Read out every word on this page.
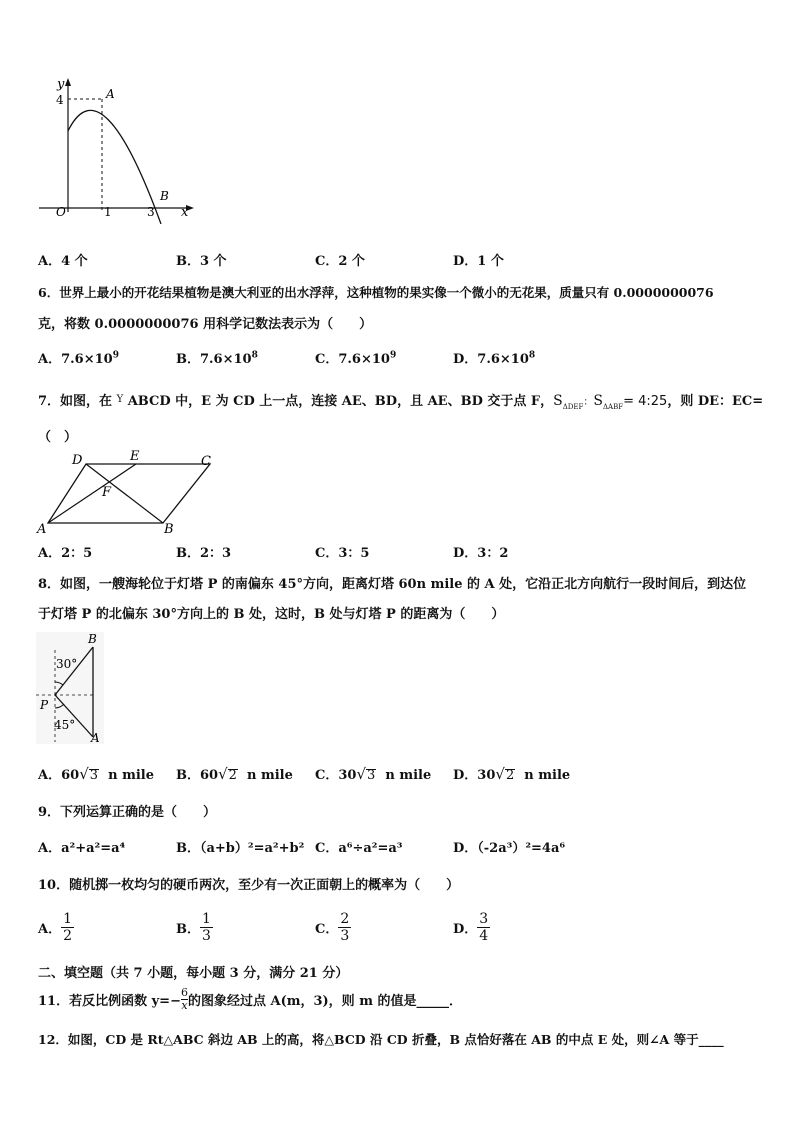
y
x
O
4
1	3
A
B
A．4 个	B．3 个	C．2 个	D．1 个
6．世界上最小的开花结果植物是澳大利亚的出水浮萍，这种植物的果实像一个微小的无花果，质量只有 0.0000000076
克，将数 0.0000000076 用科学记数法表示为（　　）
A．$7.6\times 10^9$	B．$7.6\times 10^8$	C．$7.6\times 10^9$	D．$7.6\times 10^8$
7．如图，在 $^Y$ ABCD 中，E 为 CD 上一点，连接 AE、BD，且 AE、BD 交于点 F，$S_{\Delta DEF}$：$S_{\Delta ABF}=$ 4:25，则 DE：EC=
（　）
D	E	C
F
A	B
A．2：5	B．2：3	C．3：5	D．3：2
8．如图，一艘海轮位于灯塔 P 的南偏东 45°方向，距离灯塔 60n mile 的 A 处，它沿正北方向航行一段时间后，到达位
于灯塔 P 的北偏东 30°方向上的 B 处，这时，B 处与灯塔 P 的距离为（　　）
B
30°
P
45°
A
A．60√3 n mile B．60√2 n mile C．30√3 n mile D．30√2 n mile
9．下列运算正确的是（　　）
A．a²+a²=a⁴	B．（a+b）²=a²+b² C．a⁶÷a²=a³	D．（-2a³）²=4a⁶
10．随机掷一枚均匀的硬币两次，至少有一次正面朝上的概率为（　　）
A． $\frac{1}{2}$	B． $\frac{1}{3}$	C． $\frac{2}{3}$	D． $\frac{3}{4}$
二、填空题（共 7 小题，每小题 3 分，满分 21 分）
11．若反比例函数 $y=- \frac{6}{x}$ 的图象经过点 A(m，3)，则 m 的值是_____．
12．如图，CD 是 Rt△ABC 斜边 AB 上的高，将△BCD 沿 CD 折叠，B 点恰好落在 AB 的中点 E 处，则∠A 等于____
